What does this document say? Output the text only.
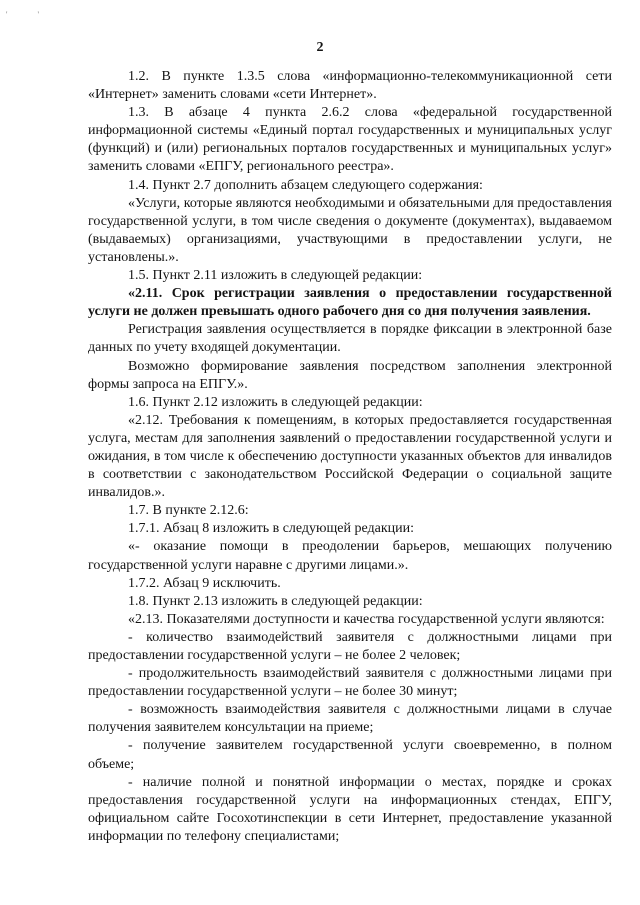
' '
2

1.2. В пункте 1.3.5 слова «информационно-телекоммуникационной сети «Интернет» заменить словами «сети Интернет».

1.3. В абзаце 4 пункта 2.6.2 слова «федеральной государственной информационной системы «Единый портал государственных и муниципальных услуг (функций) и (или) региональных порталов государственных и муниципальных услуг» заменить словами «ЕПГУ, регионального реестра».

1.4. Пункт 2.7 дополнить абзацем следующего содержания:

«Услуги, которые являются необходимыми и обязательными для предоставления государственной услуги, в том числе сведения о документе (документах), выдаваемом (выдаваемых) организациями, участвующими в предоставлении услуги, не установлены.».

1.5. Пункт 2.11 изложить в следующей редакции:

«2.11. Срок регистрации заявления о предоставлении государственной услуги не должен превышать одного рабочего дня со дня получения заявления.

Регистрация заявления осуществляется в порядке фиксации в электронной базе данных по учету входящей документации.

Возможно формирование заявления посредством заполнения электронной формы запроса на ЕПГУ.».

1.6. Пункт 2.12 изложить в следующей редакции:

«2.12. Требования к помещениям, в которых предоставляется государственная услуга, местам для заполнения заявлений о предоставлении государственной услуги и ожидания, в том числе к обеспечению доступности указанных объектов для инвалидов в соответствии с законодательством Российской Федерации о социальной защите инвалидов.».

1.7. В пункте 2.12.6:

1.7.1. Абзац 8 изложить в следующей редакции:

«- оказание помощи в преодолении барьеров, мешающих получению государственной услуги наравне с другими лицами.».

1.7.2. Абзац 9 исключить.

1.8. Пункт 2.13 изложить в следующей редакции:

«2.13. Показателями доступности и качества государственной услуги являются:

- количество взаимодействий заявителя с должностными лицами при предоставлении государственной услуги – не более 2 человек;

- продолжительность взаимодействий заявителя с должностными лицами при предоставлении государственной услуги – не более 30 минут;

- возможность взаимодействия заявителя с должностными лицами в случае получения заявителем консультации на приеме;

- получение заявителем государственной услуги своевременно, в полном объеме;

- наличие полной и понятной информации о местах, порядке и сроках предоставления государственной услуги на информационных стендах, ЕПГУ, официальном сайте Госохотинспекции в сети Интернет, предоставление указанной информации по телефону специалистами;
